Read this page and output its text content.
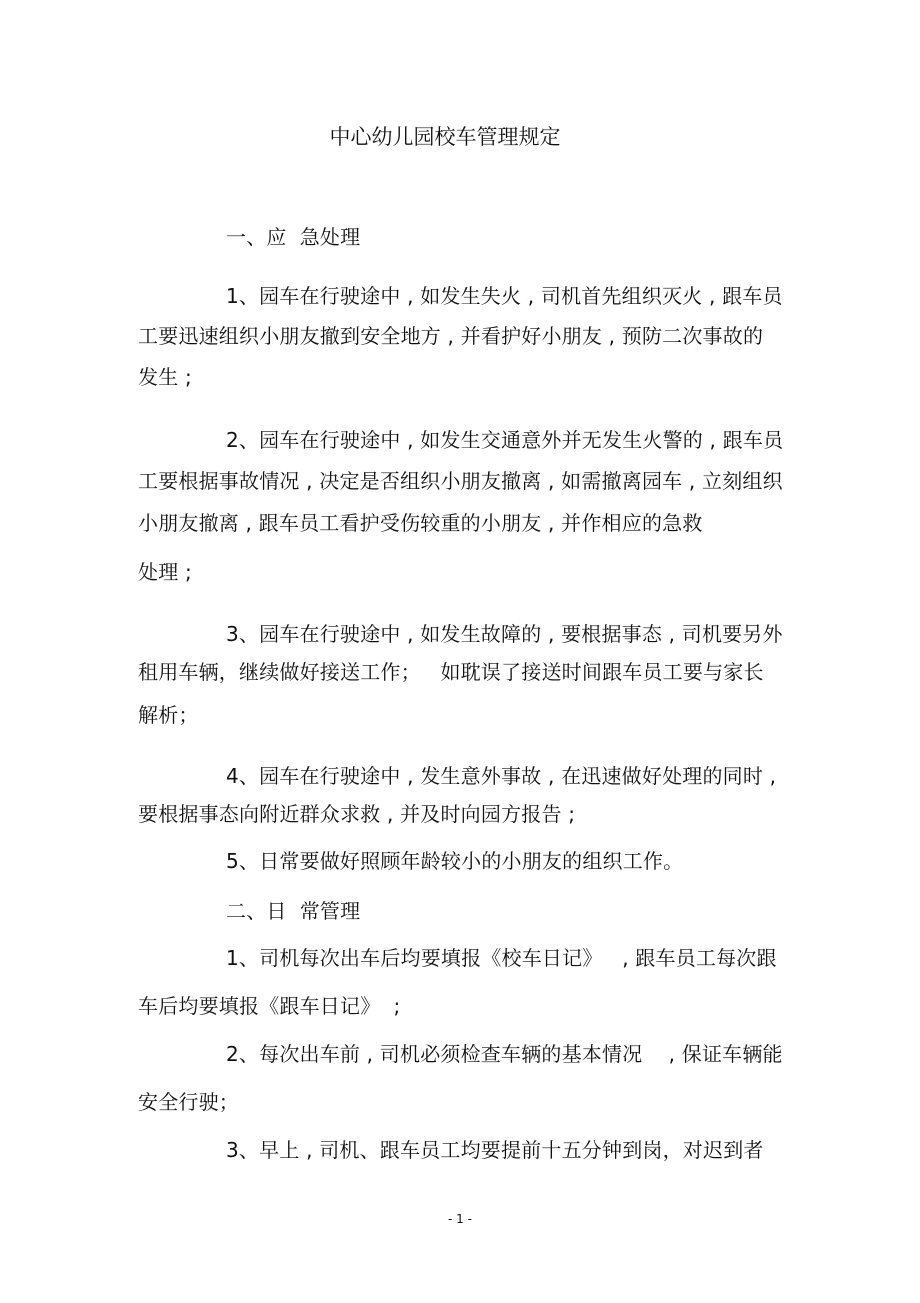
中心幼儿园校车管理规定
一、应  急处理
1、园车在行驶途中 , 如发生失火 , 司机首先组织灭火 , 跟车员
工要迅速组织小朋友撤到安全地方 , 并看护好小朋友 , 预防二次事故的
发生 ;
2、园车在行驶途中 , 如发生交通意外并无发生火警的 , 跟车员
工要根据事故情况 , 决定是否组织小朋友撤离 , 如需撤离园车 , 立刻组织
小朋友撤离 , 跟车员工看护受伤较重的小朋友 , 并作相应的急救
处理 ;
3、园车在行驶途中 , 如发生故障的 , 要根据事态 , 司机要另外
租用车辆，继续做好接送工作；   如耽误了接送时间跟车员工要与家长
解析；
4、园车在行驶途中 , 发生意外事故 , 在迅速做好处理的同时 ,
要根据事态向附近群众求救 , 并及时向园方报告 ;
5、日常要做好照顾年龄较小的小朋友的组织工作。
二、日  常管理
1、司机每次出车后均要填报《校车日记》   , 跟车员工每次跟
车后均要填报《跟车日记》  ;
2、每次出车前 , 司机必须检查车辆的基本情况    , 保证车辆能
安全行驶；
3、早上 , 司机、跟车员工均要提前十五分钟到岗，对迟到者
- 1 -
